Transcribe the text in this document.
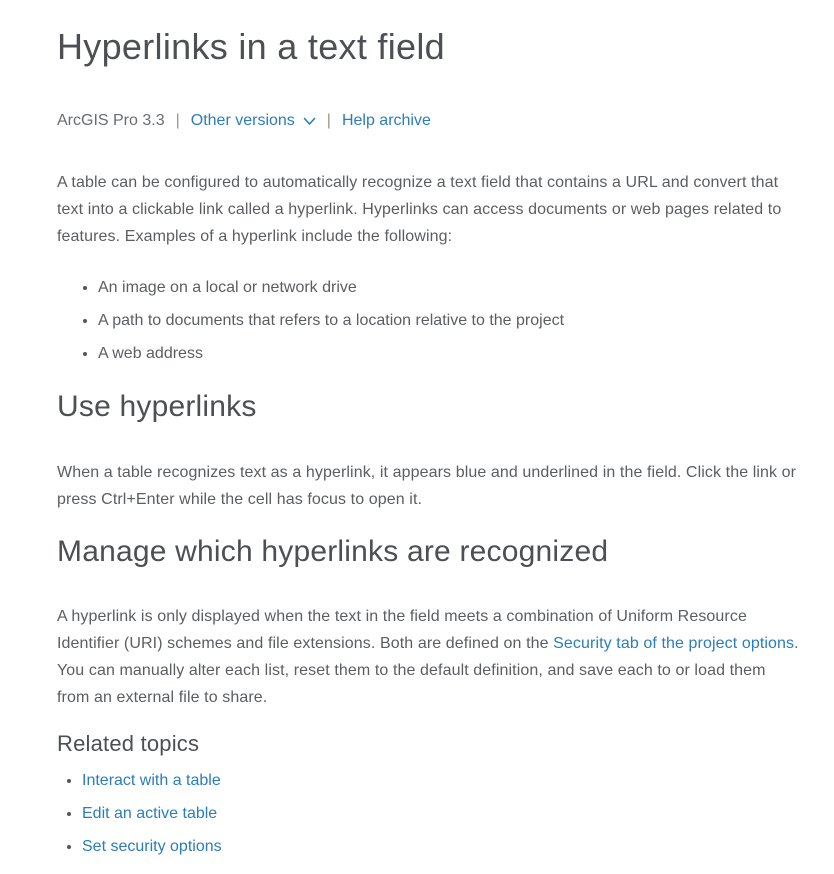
Hyperlinks in a text field
ArcGIS Pro 3.3 | Other versions | Help archive

A table can be configured to automatically recognize a text field that contains a URL and convert that text into a clickable link called a hyperlink. Hyperlinks can access documents or web pages related to features. Examples of a hyperlink include the following:

An image on a local or network drive
A path to documents that refers to a location relative to the project
A web address
Use hyperlinks

When a table recognizes text as a hyperlink, it appears blue and underlined in the field. Click the link or press Ctrl+Enter while the cell has focus to open it.

Manage which hyperlinks are recognized

A hyperlink is only displayed when the text in the field meets a combination of Uniform Resource Identifier (URI) schemes and file extensions. Both are defined on the Security tab of the project options. You can manually alter each list, reset them to the default definition, and save each to or load them from an external file to share.

Related topics
Interact with a table
Edit an active table
Set security options
